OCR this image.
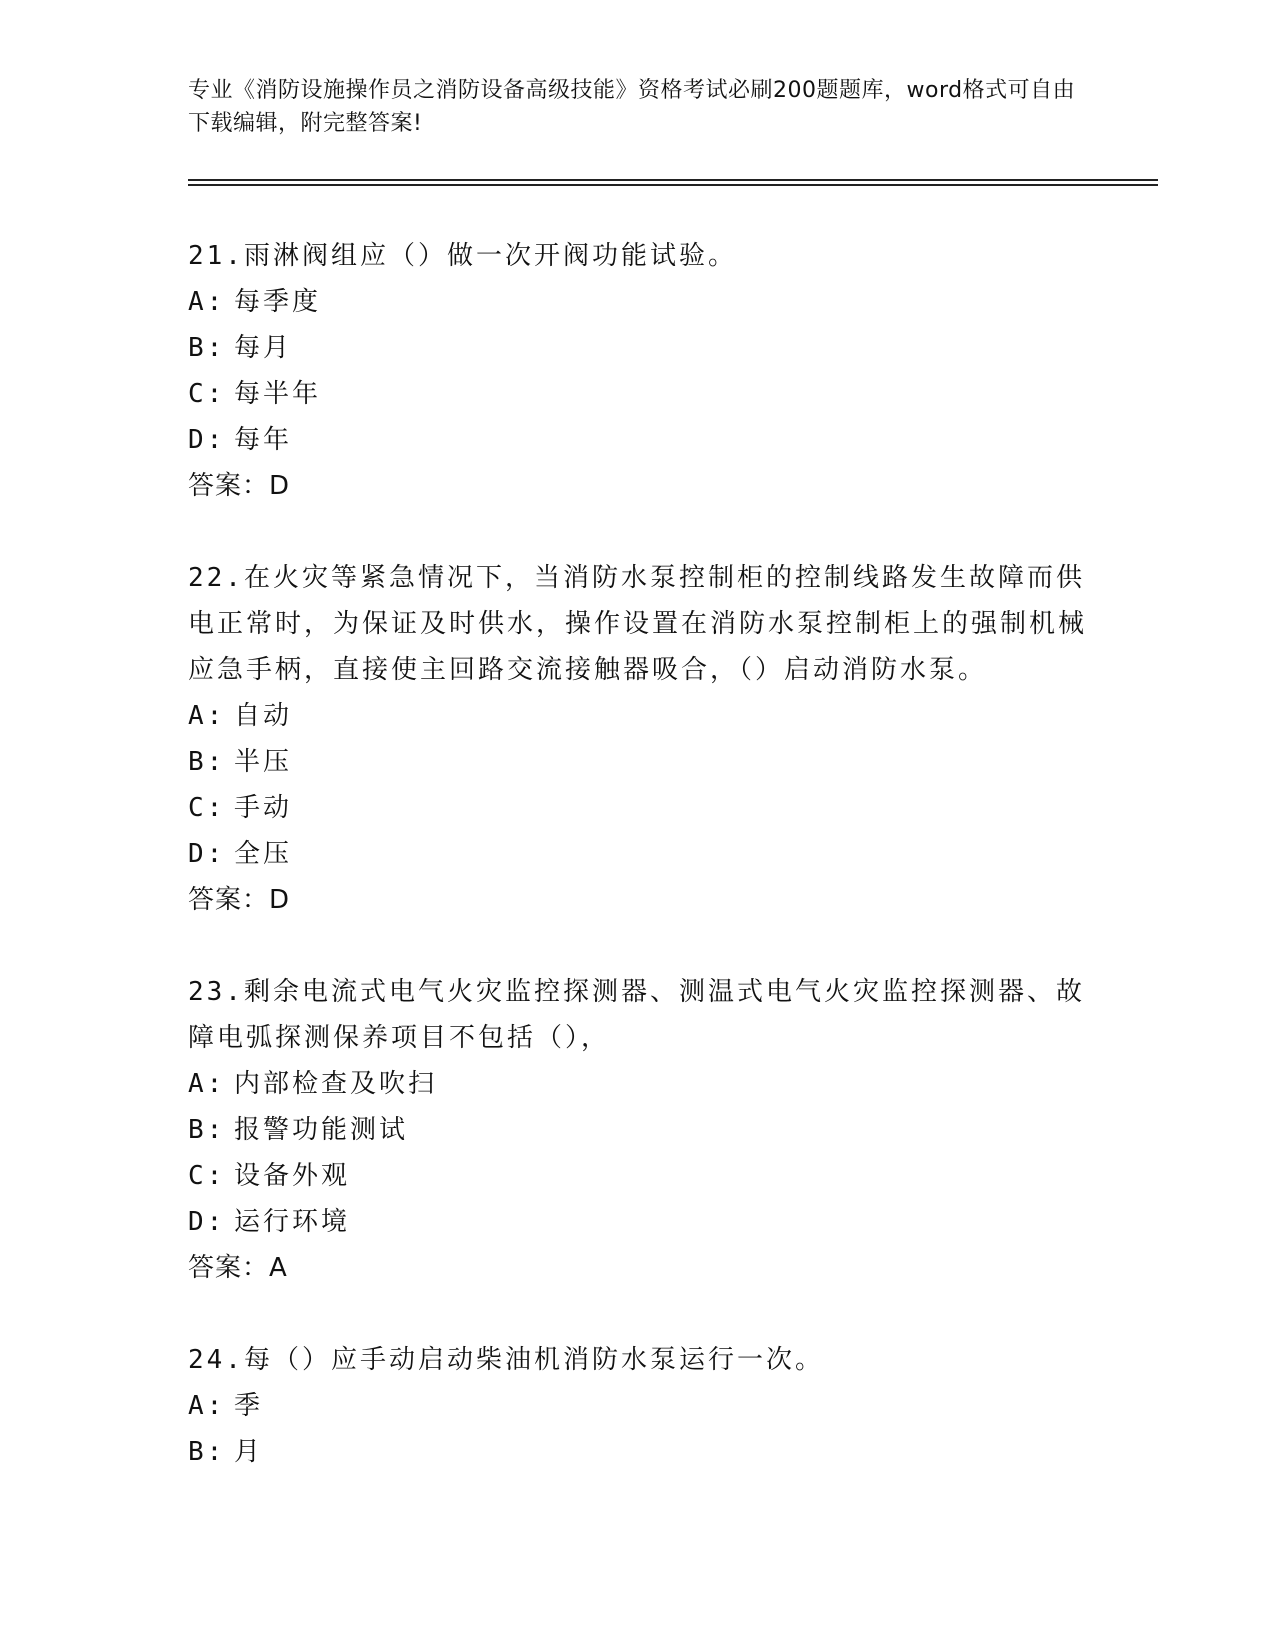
专业《消防设施操作员之消防设备高级技能》资格考试必刷200题题库，word格式可自由下载编辑，附完整答案!

21.雨淋阀组应（）做一次开阀功能试验。

A: 每季度

B: 每月

C: 每半年

D: 每年

答案：D

22.在火灾等紧急情况下，当消防水泵控制柜的控制线路发生故障而供电正常时，为保证及时供水，操作设置在消防水泵控制柜上的强制机械应急手柄，直接使主回路交流接触器吸合，（）启动消防水泵。

A: 自动

B: 半压

C: 手动

D: 全压

答案：D

23.剩余电流式电气火灾监控探测器、测温式电气火灾监控探测器、故障电弧探测保养项目不包括（），

A: 内部检查及吹扫

B: 报警功能测试

C: 设备外观

D: 运行环境

答案：A

24.每（）应手动启动柴油机消防水泵运行一次。

A: 季

B: 月
